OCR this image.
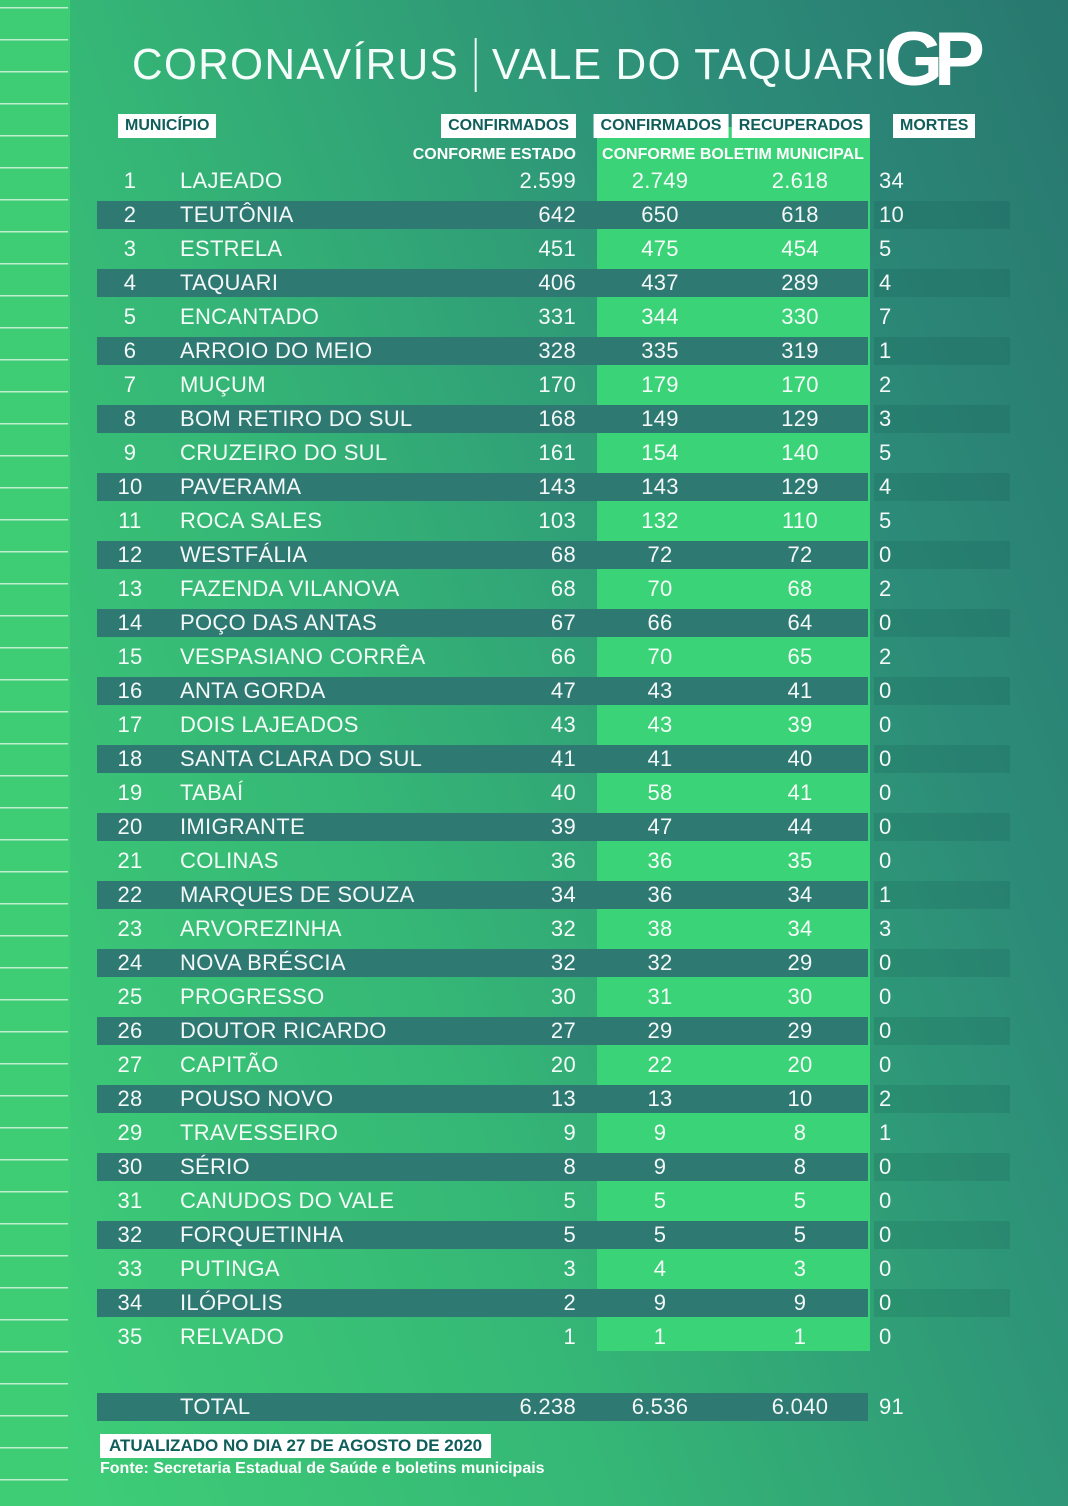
CORONAVÍRUS VALE DO TAQUARI
GP
MUNICÍPIO	CONFIRMADOS	CONFIRMADOS	RECUPERADOS	MORTES
CONFORME ESTADO CONFORME BOLETIM MUNICIPAL
1	LAJEADO	2.599	2.749	2.618	34
2	TEUTÔNIA	642	650	618	10
3	ESTRELA	451	475	454	5
4	TAQUARI	406	437	289	4
5	ENCANTADO	331	344	330	7
6	ARROIO DO MEIO	328	335	319	1
7	MUÇUM	170	179	170	2
8	BOM RETIRO DO SUL	168	149	129	3
9	CRUZEIRO DO SUL	161	154	140	5
10	PAVERAMA	143	143	129	4
11	ROCA SALES	103	132	110	5
12	WESTFÁLIA	68	72	72	0
13	FAZENDA VILANOVA	68	70	68	2
14	POÇO DAS ANTAS	67	66	64	0
15	VESPASIANO CORRÊA	66	70	65	2
16	ANTA GORDA	47	43	41	0
17	DOIS LAJEADOS	43	43	39	0
18	SANTA CLARA DO SUL	41	41	40	0
19	TABAÍ	40	58	41	0
20	IMIGRANTE	39	47	44	0
21	COLINAS	36	36	35	0
22	MARQUES DE SOUZA	34	36	34	1
23	ARVOREZINHA	32	38	34	3
24	NOVA BRÉSCIA	32	32	29	0
25	PROGRESSO	30	31	30	0
26	DOUTOR RICARDO	27	29	29	0
27	CAPITÃO	20	22	20	0
28	POUSO NOVO	13	13	10	2
29	TRAVESSEIRO	9	9	8	1
30	SÉRIO	8	9	8	0
31	CANUDOS DO VALE	5	5	5	0
32	FORQUETINHA	5	5	5	0
33	PUTINGA	3	4	3	0
34	ILÓPOLIS	2	9	9	0
35	RELVADO	1	1	1	0
TOTAL	6.238	6.536	6.040	91
ATUALIZADO NO DIA 27 DE AGOSTO DE 2020
Fonte: Secretaria Estadual de Saúde e boletins municipais
